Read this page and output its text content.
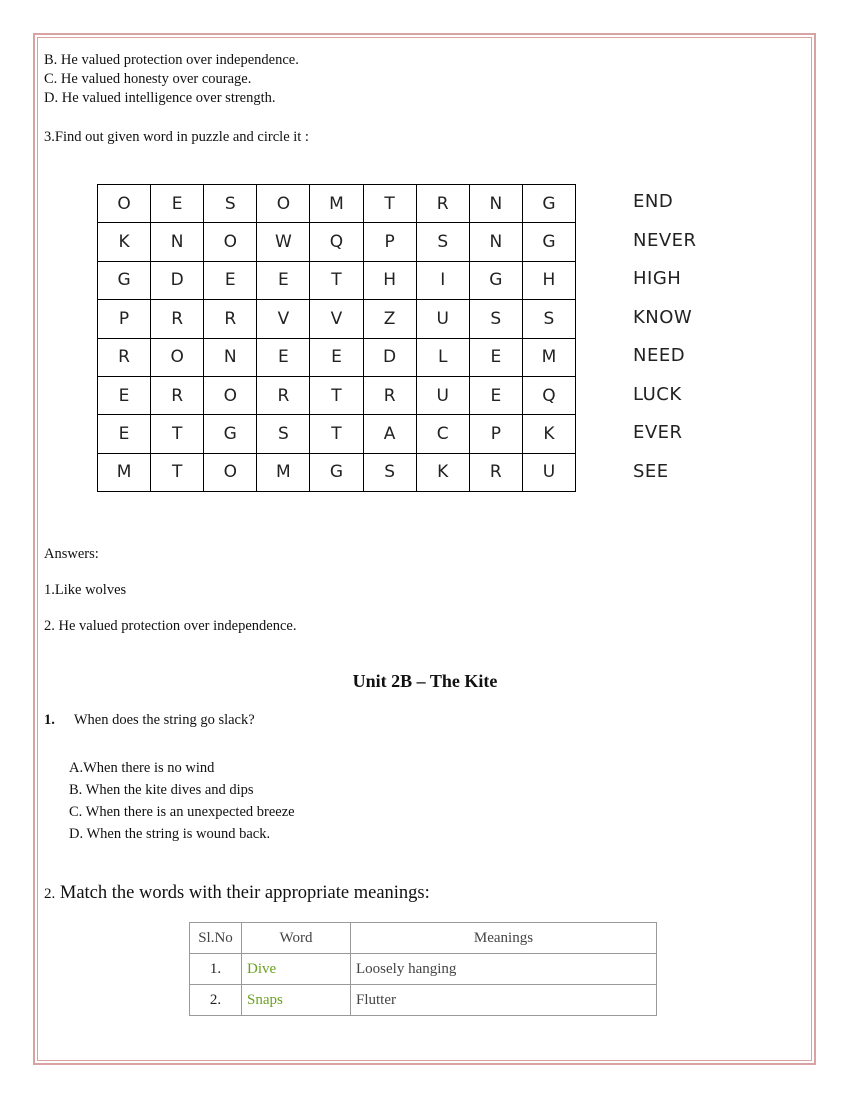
B. He valued protection over independence.
C. He valued honesty over courage.
D. He valued intelligence over strength.
3.Find out given word in puzzle and circle it :
O	E	S	O	M	T	R	N	G
K	N	O	W	Q	P	S	N	G
G	D	E	E	T	H	I	G	H
P	R	R	V	V	Z	U	S	S
R	O	N	E	E	D	L	E	M
E	R	O	R	T	R	U	E	Q
E	T	G	S	T	A	C	P	K
M	T	O	M	G	S	K	R	U
END
NEVER
HIGH
KNOW
NEED
LUCK
EVER
SEE
Answers:
1.Like wolves
2. He valued protection over independence.
Unit 2B – The Kite
1. When does the string go slack?
A.When there is no wind
B. When the kite dives and dips
C. When there is an unexpected breeze
D. When the string is wound back.
2. Match the words with their appropriate meanings:
Sl.No	Word	Meanings
1.	Dive	Loosely hanging
2.	Snaps	Flutter
